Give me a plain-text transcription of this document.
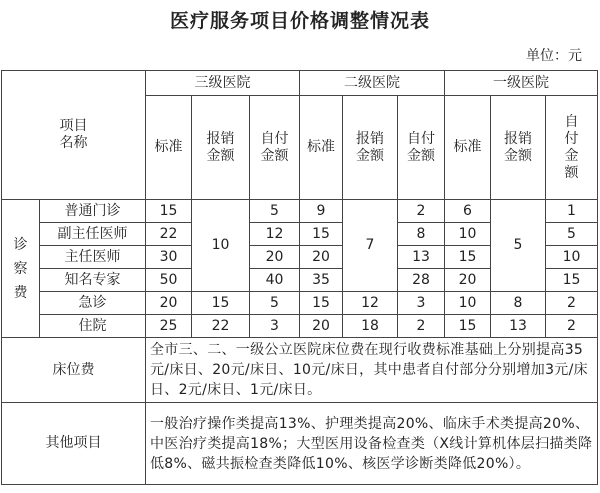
医疗服务项目价格调整情况表
单位：元
项目
名称		三级医院			二级医院			一级医院		
		标准	报销金额	自付金额	标准	报销金额	自付金额	标准	报销金额	自付金额
诊察费	普通门诊	15	10	5	9	7	2	6	5	1
	副主任医师	22		12	15		8	10		5
	主任医师	30		20	20		13	15		10
	知名专家	50		40	35		28	20		15
	急诊	20	15	5	15	12	3	10	8	2
	住院	25	22	3	20	18	2	15	13	2
床位费		全市三、二、一级公立医院床位费在现行收费标准基础上分别提高35元/床日、20元/床日、10元/床日，其中患者自付部分分别增加3元/床日、2元/床日、1元/床日。								
其他项目		一般治疗操作类提高13%、护理类提高20%、临床手术类提高20%、中医治疗类提高18%；大型医用设备检查类（X线计算机体层扫描类降低8%、磁共振检查类降低10%、核医学诊断类降低20%）。								
